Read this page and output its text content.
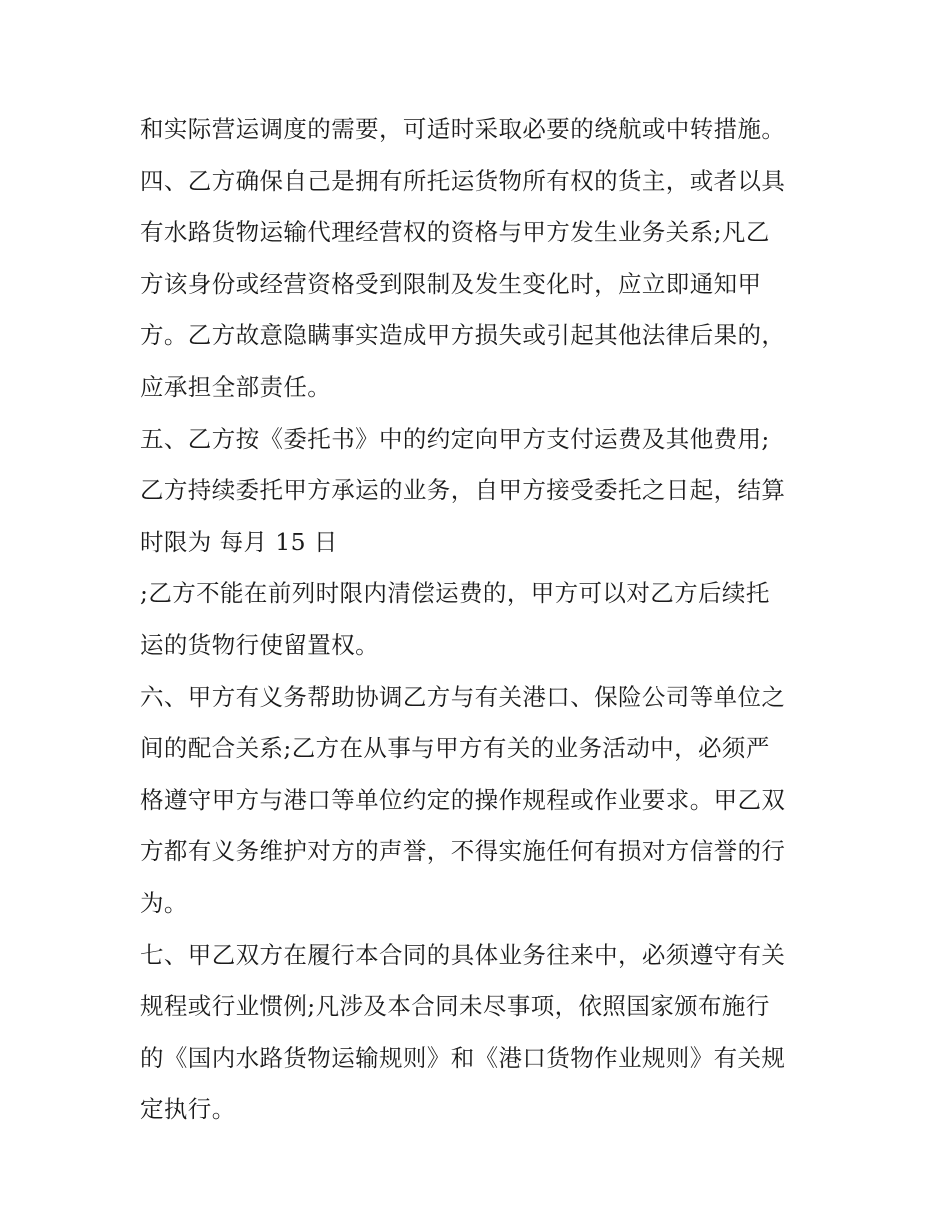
和实际营运调度的需要，可适时采取必要的绕航或中转措施。
四、乙方确保自己是拥有所托运货物所有权的货主，或者以具
有水路货物运输代理经营权的资格与甲方发生业务关系;凡乙
方该身份或经营资格受到限制及发生变化时，应立即通知甲
方。乙方故意隐瞒事实造成甲方损失或引起其他法律后果的，
应承担全部责任。
五、乙方按《委托书》中的约定向甲方支付运费及其他费用;
乙方持续委托甲方承运的业务，自甲方接受委托之日起，结算
时限为 每月 15 日
;乙方不能在前列时限内清偿运费的，甲方可以对乙方后续托
运的货物行使留置权。
六、甲方有义务帮助协调乙方与有关港口、保险公司等单位之
间的配合关系;乙方在从事与甲方有关的业务活动中，必须严
格遵守甲方与港口等单位约定的操作规程或作业要求。甲乙双
方都有义务维护对方的声誉，不得实施任何有损对方信誉的行
为。
七、甲乙双方在履行本合同的具体业务往来中，必须遵守有关
规程或行业惯例;凡涉及本合同未尽事项，依照国家颁布施行
的《国内水路货物运输规则》和《港口货物作业规则》有关规
定执行。
